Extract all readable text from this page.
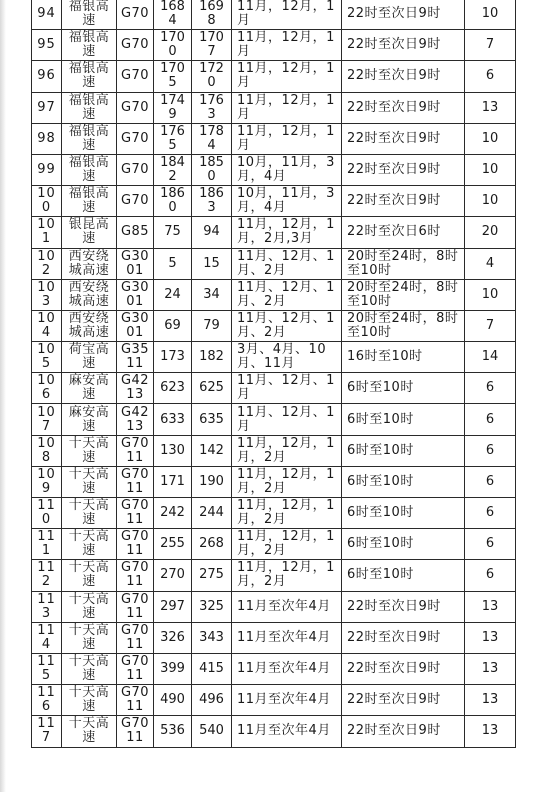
94	福银高速	G70	1684	1698	11月，12月，1月	22时至次日9时	10
95	福银高速	G70	1700	1707	11月，12月，1月	22时至次日9时	7
96	福银高速	G70	1705	1720	11月，12月，1月	22时至次日9时	6
97	福银高速	G70	1749	1763	11月，12月，1月	22时至次日9时	13
98	福银高速	G70	1765	1784	11月，12月，1月	22时至次日9时	10
99	福银高速	G70	1842	1850	10月，11月，3月，4月	22时至次日9时	10
100	福银高速	G70	1860	1863	10月，11月，3月，4月	22时至次日9时	10
101	银昆高速	G85	75	94	11月，12月，1月，2月,3月	22时至次日6时	20
102	西安绕城高速	G3001	5	15	11月、12月、1月、2月	20时至24时，8时至10时	4
103	西安绕城高速	G3001	24	34	11月、12月、1月、2月	20时至24时，8时至10时	10
104	西安绕城高速	G3001	69	79	11月、12月、1月、2月	20时至24时，8时至10时	7
105	荷宝高速	G3511	173	182	3月、4月、10月、11月	16时至10时	14
106	麻安高速	G4213	623	625	11月、12月、1月	6时至10时	6
107	麻安高速	G4213	633	635	11月、12月、1月	6时至10时	6
108	十天高速	G7011	130	142	11月，12月，1月，2月	6时至10时	6
109	十天高速	G7011	171	190	11月，12月，1月，2月	6时至10时	6
110	十天高速	G7011	242	244	11月，12月，1月，2月	6时至10时	6
111	十天高速	G7011	255	268	11月，12月，1月，2月	6时至10时	6
112	十天高速	G7011	270	275	11月，12月，1月，2月	6时至10时	6
113	十天高速	G7011	297	325	11月至次年4月	22时至次日9时	13
114	十天高速	G7011	326	343	11月至次年4月	22时至次日9时	13
115	十天高速	G7011	399	415	11月至次年4月	22时至次日9时	13
116	十天高速	G7011	490	496	11月至次年4月	22时至次日9时	13
117	十天高速	G7011	536	540	11月至次年4月	22时至次日9时	13
